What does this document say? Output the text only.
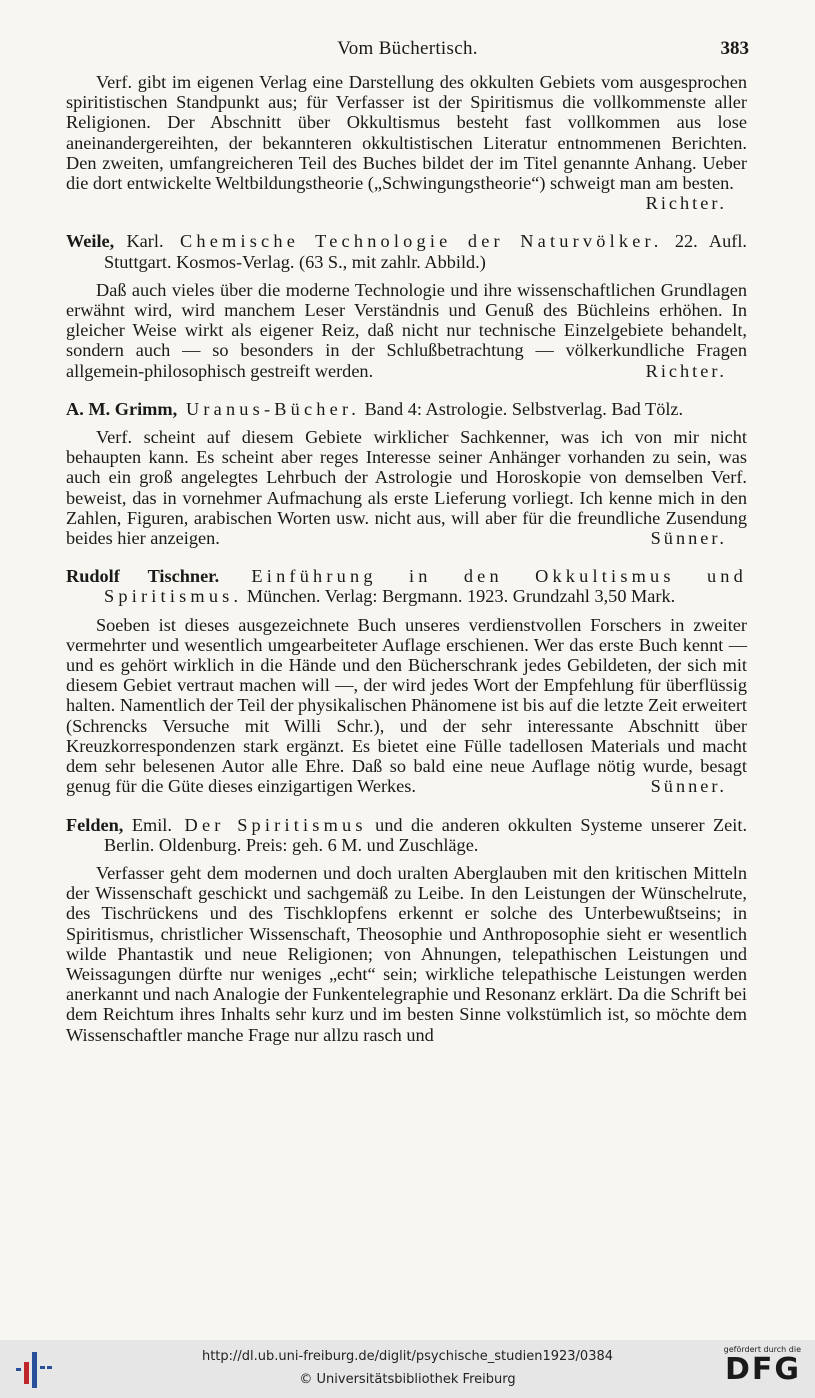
Vom Büchertisch.	383

Verf. gibt im eigenen Verlag eine Darstellung des okkulten Gebiets vom ausgesprochen spiritistischen Standpunkt aus; für Verfasser ist der Spiritismus die vollkommenste aller Religionen. Der Abschnitt über Okkultismus besteht fast vollkommen aus lose aneinandergereihten, der bekannteren okkultistischen Literatur entnommenen Berichten. Den zweiten, umfangreicheren Teil des Buches bildet der im Titel genannte Anhang. Ueber die dort entwickelte Weltbildungstheorie („Schwingungstheorie“) schweigt man am besten.
Richter.

Weile, Karl. Chemische Technologie der Naturvölker. 22. Aufl. Stuttgart. Kosmos-Verlag. (63 S., mit zahlr. Abbild.)

Daß auch vieles über die moderne Technologie und ihre wissenschaftlichen Grundlagen erwähnt wird, wird manchem Leser Verständnis und Genuß des Büchleins erhöhen. In gleicher Weise wirkt als eigener Reiz, daß nicht nur technische Einzelgebiete behandelt, sondern auch — so besonders in der Schlußbetrachtung — völkerkundliche Fragen allgemein-philosophisch gestreift werden.	Richter.

A. M. Grimm, Uranus-Bücher. Band 4: Astrologie. Selbstverlag. Bad Tölz.

Verf. scheint auf diesem Gebiete wirklicher Sachkenner, was ich von mir nicht behaupten kann. Es scheint aber reges Interesse seiner Anhänger vorhanden zu sein, was auch ein groß angelegtes Lehrbuch der Astrologie und Horoskopie von demselben Verf. beweist, das in vornehmer Aufmachung als erste Lieferung vorliegt. Ich kenne mich in den Zahlen, Figuren, arabischen Worten usw. nicht aus, will aber für die freundliche Zusendung beides hier anzeigen.	Sünner.

Rudolf Tischner. Einführung in den Okkultismus und Spiritismus. München. Verlag: Bergmann. 1923. Grundzahl 3,50 Mark.

Soeben ist dieses ausgezeichnete Buch unseres verdienstvollen Forschers in zweiter vermehrter und wesentlich umgearbeiteter Auflage erschienen. Wer das erste Buch kennt — und es gehört wirklich in die Hände und den Bücherschrank jedes Gebildeten, der sich mit diesem Gebiet vertraut machen will —, der wird jedes Wort der Empfehlung für überflüssig halten. Namentlich der Teil der physikalischen Phänomene ist bis auf die letzte Zeit erweitert (Schrencks Versuche mit Willi Schr.), und der sehr interessante Abschnitt über Kreuzkorrespondenzen stark ergänzt. Es bietet eine Fülle tadellosen Materials und macht dem sehr belesenen Autor alle Ehre. Daß so bald eine neue Auflage nötig wurde, besagt genug für die Güte dieses einzigartigen Werkes.	Sünner.

Felden, Emil. Der Spiritismus und die anderen okkulten Systeme unserer Zeit. Berlin. Oldenburg. Preis: geh. 6 M. und Zuschläge.

Verfasser geht dem modernen und doch uralten Aberglauben mit den kritischen Mitteln der Wissenschaft geschickt und sachgemäß zu Leibe. In den Leistungen der Wünschelrute, des Tischrückens und des Tischklopfens erkennt er solche des Unterbewußtseins; in Spiritismus, christlicher Wissenschaft, Theosophie und Anthroposophie sieht er wesentlich wilde Phantastik und neue Religionen; von Ahnungen, telepathischen Leistungen und Weissagungen dürfte nur weniges „echt“ sein; wirkliche telepathische Leistungen werden anerkannt und nach Analogie der Funkentelegraphie und Resonanz erklärt. Da die Schrift bei dem Reichtum ihres Inhalts sehr kurz und im besten Sinne volkstümlich ist, so möchte dem Wissenschaftler manche Frage nur allzu rasch und

http://dl.ub.uni-freiburg.de/diglit/psychische_studien1923/0384
© Universitätsbibliothek Freiburg
gefördert durch die
DFG
